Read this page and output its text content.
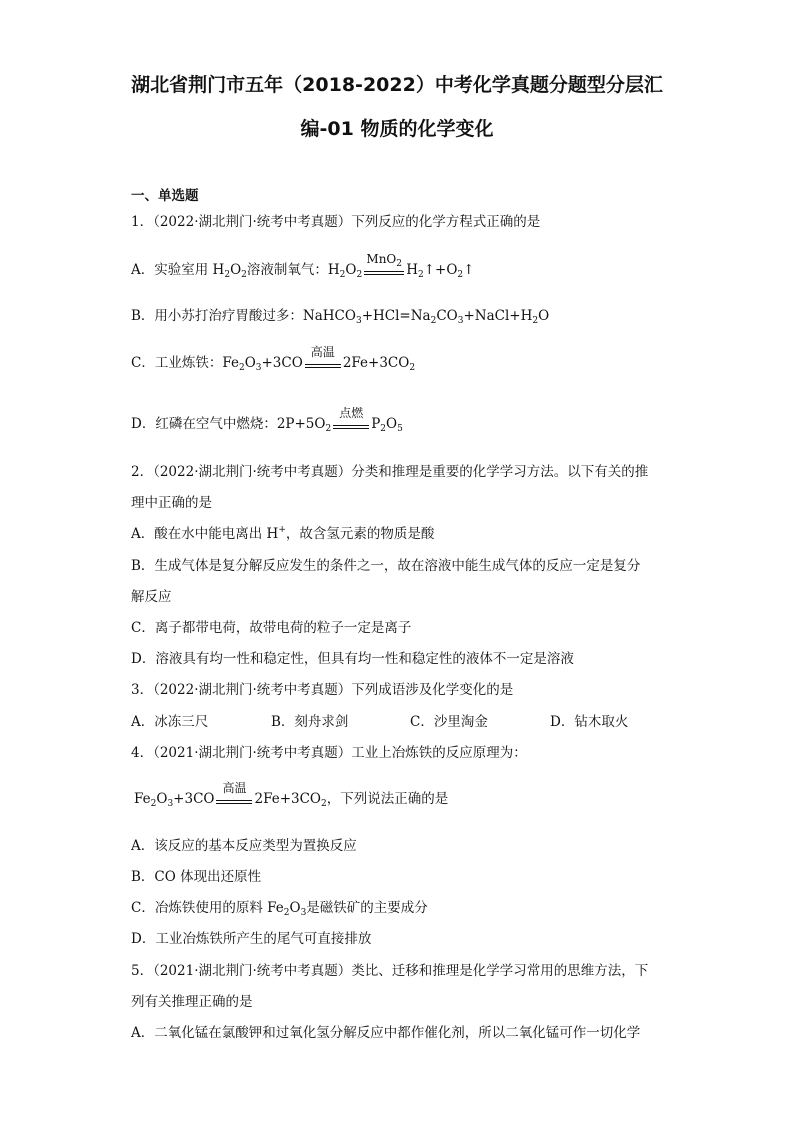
湖北省荆门市五年（2018-2022）中考化学真题分题型分层汇
编-01 物质的化学变化
一、单选题
1．（2022·湖北荆门·统考中考真题）下列反应的化学方程式正确的是
A．实验室用 $H_2O_2$溶液制氧气：$H_2O_2$
MnO$_2$ $H_2↑+O_2↑$
B．用小苏打治疗胃酸过多：$NaHCO_3+HCl=Na_2CO_3+NaCl+H_2O$
C．工业炼铁：$Fe_2O_3+3CO$
高温
$2Fe+3CO_2$
D．红磷在空气中燃烧：$2P+5O_2$
点燃
$P_2O_5$
2．（2022·湖北荆门·统考中考真题）分类和推理是重要的化学学习方法。以下有关的推
理中正确的是
A．酸在水中能电离出 H+，故含氢元素的物质是酸
B．生成气体是复分解反应发生的条件之一，故在溶液中能生成气体的反应一定是复分
解反应
C．离子都带电荷，故带电荷的粒子一定是离子
D．溶液具有均一性和稳定性，但具有均一性和稳定性的液体不一定是溶液
3．（2022·湖北荆门·统考中考真题）下列成语涉及化学变化的是
A．冰冻三尺	B．刻舟求剑	C．沙里淘金	D．钻木取火
4．（2021·湖北荆门·统考中考真题）工业上冶炼铁的反应原理为：
$Fe_2O_3+3CO$
高温
$2Fe+3CO_2$，下列说法正确的是
A．该反应的基本反应类型为置换反应
B．CO 体现出还原性
C．冶炼铁使用的原料 $Fe_2O_3$是磁铁矿的主要成分
D．工业冶炼铁所产生的尾气可直接排放
5．（2021·湖北荆门·统考中考真题）类比、迁移和推理是化学学习常用的思维方法，下
列有关推理正确的是
A．二氧化锰在氯酸钾和过氧化氢分解反应中都作催化剂，所以二氧化锰可作一切化学
